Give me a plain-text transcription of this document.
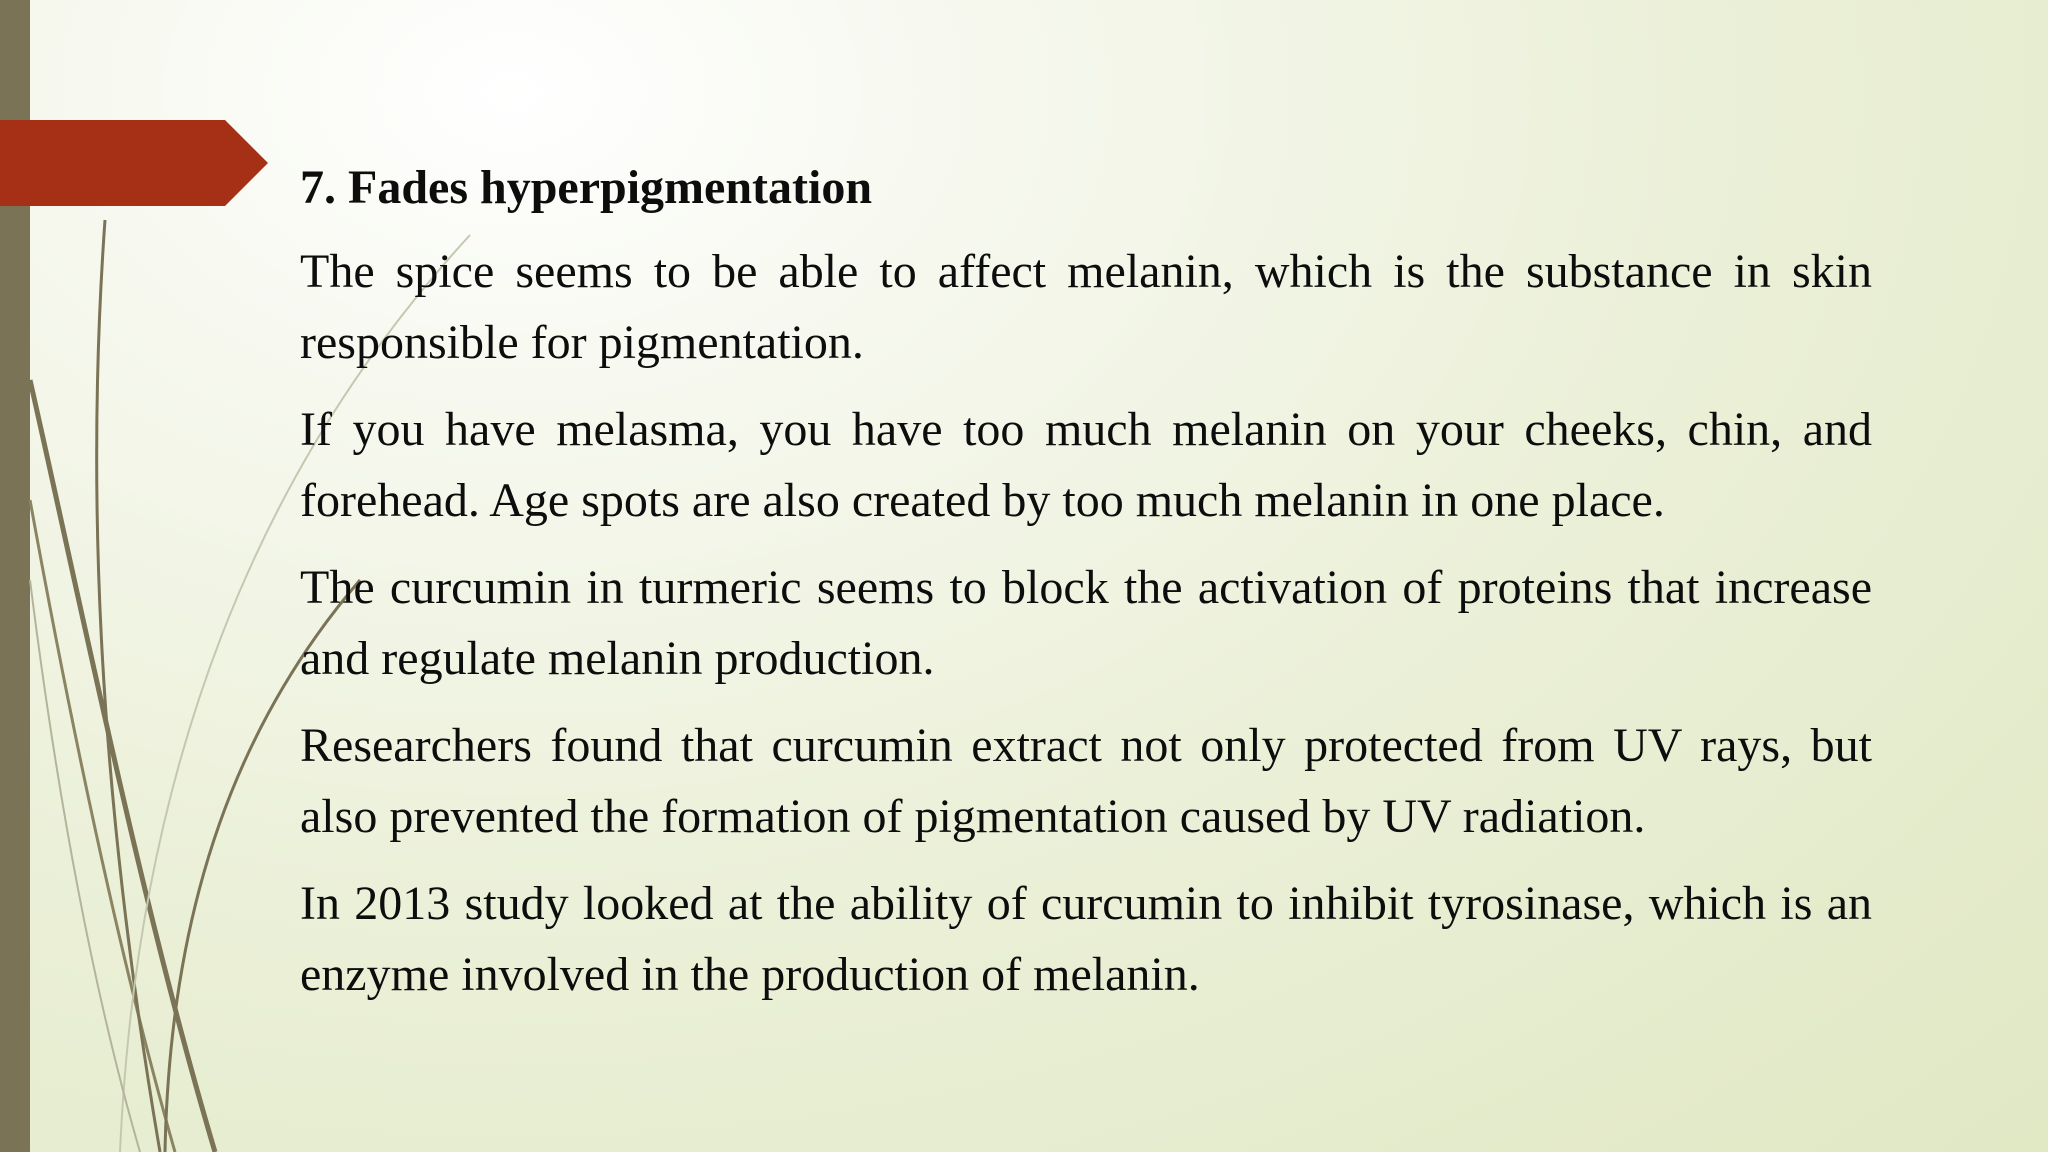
7. Fades hyperpigmentation

The spice seems to be able to affect melanin, which is the substance in skin responsible for pigmentation.

If you have melasma, you have too much melanin on your cheeks, chin, and forehead. Age spots are also created by too much melanin in one place.

The curcumin in turmeric seems to block the activation of proteins that increase and regulate melanin production.

Researchers found that curcumin extract not only protected from UV rays, but also prevented the formation of pigmentation caused by UV radiation.

In 2013 study looked at the ability of curcumin to inhibit tyrosinase, which is an enzyme involved in the production of melanin.
